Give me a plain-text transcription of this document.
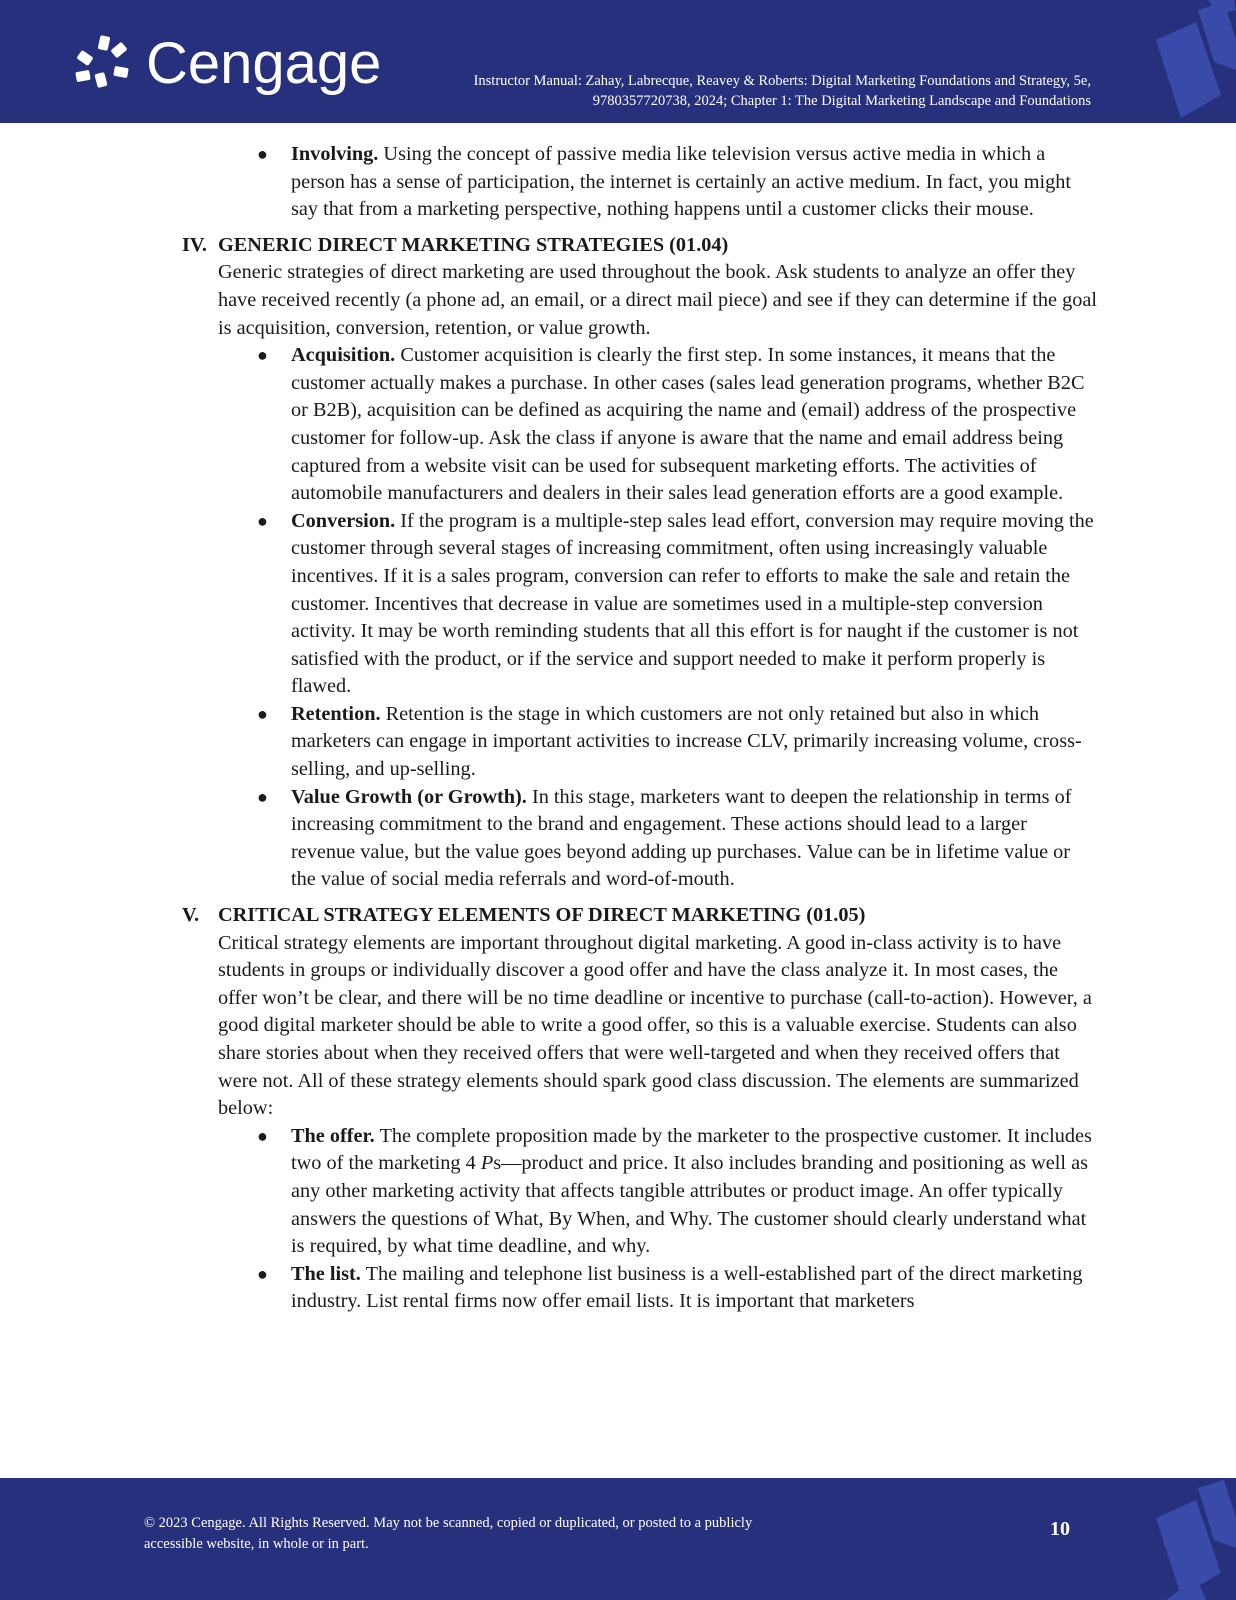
Cengage	Instructor Manual: Zahay, Labrecque, Reavey & Roberts: Digital Marketing Foundations and Strategy, 5e,
9780357720738, 2024; Chapter 1: The Digital Marketing Landscape and Foundations
● Involving. Using the concept of passive media like television versus active media in which a person has a sense of participation, the internet is certainly an active medium. In fact, you might say that from a marketing perspective, nothing happens until a customer clicks their mouse.
IV. GENERIC DIRECT MARKETING STRATEGIES (01.04)
Generic strategies of direct marketing are used throughout the book. Ask students to analyze an offer they have received recently (a phone ad, an email, or a direct mail piece) and see if they can determine if the goal is acquisition, conversion, retention, or value growth.
● Acquisition. Customer acquisition is clearly the first step. In some instances, it means that the customer actually makes a purchase. In other cases (sales lead generation programs, whether B2C or B2B), acquisition can be defined as acquiring the name and (email) address of the prospective customer for follow-up. Ask the class if anyone is aware that the name and email address being captured from a website visit can be used for subsequent marketing efforts. The activities of automobile manufacturers and dealers in their sales lead generation efforts are a good example.
● Conversion. If the program is a multiple-step sales lead effort, conversion may require moving the customer through several stages of increasing commitment, often using increasingly valuable incentives. If it is a sales program, conversion can refer to efforts to make the sale and retain the customer. Incentives that decrease in value are sometimes used in a multiple-step conversion activity. It may be worth reminding students that all this effort is for naught if the customer is not satisfied with the product, or if the service and support needed to make it perform properly is flawed.
● Retention. Retention is the stage in which customers are not only retained but also in which marketers can engage in important activities to increase CLV, primarily increasing volume, cross-selling, and up-selling.
● Value Growth (or Growth). In this stage, marketers want to deepen the relationship in terms of increasing commitment to the brand and engagement. These actions should lead to a larger revenue value, but the value goes beyond adding up purchases. Value can be in lifetime value or the value of social media referrals and word-of-mouth.
V. CRITICAL STRATEGY ELEMENTS OF DIRECT MARKETING (01.05)
Critical strategy elements are important throughout digital marketing. A good in-class activity is to have students in groups or individually discover a good offer and have the class analyze it. In most cases, the offer won’t be clear, and there will be no time deadline or incentive to purchase (call-to-action). However, a good digital marketer should be able to write a good offer, so this is a valuable exercise. Students can also share stories about when they received offers that were well-targeted and when they received offers that were not. All of these strategy elements should spark good class discussion. The elements are summarized below:
● The offer. The complete proposition made by the marketer to the prospective customer. It includes two of the marketing 4 Ps—product and price. It also includes branding and positioning as well as any other marketing activity that affects tangible attributes or product image. An offer typically answers the questions of What, By When, and Why. The customer should clearly understand what is required, by what time deadline, and why.
● The list. The mailing and telephone list business is a well-established part of the direct marketing industry. List rental firms now offer email lists. It is important that marketers
© 2023 Cengage. All Rights Reserved. May not be scanned, copied or duplicated, or posted to a publicly
accessible website, in whole or in part.
10
